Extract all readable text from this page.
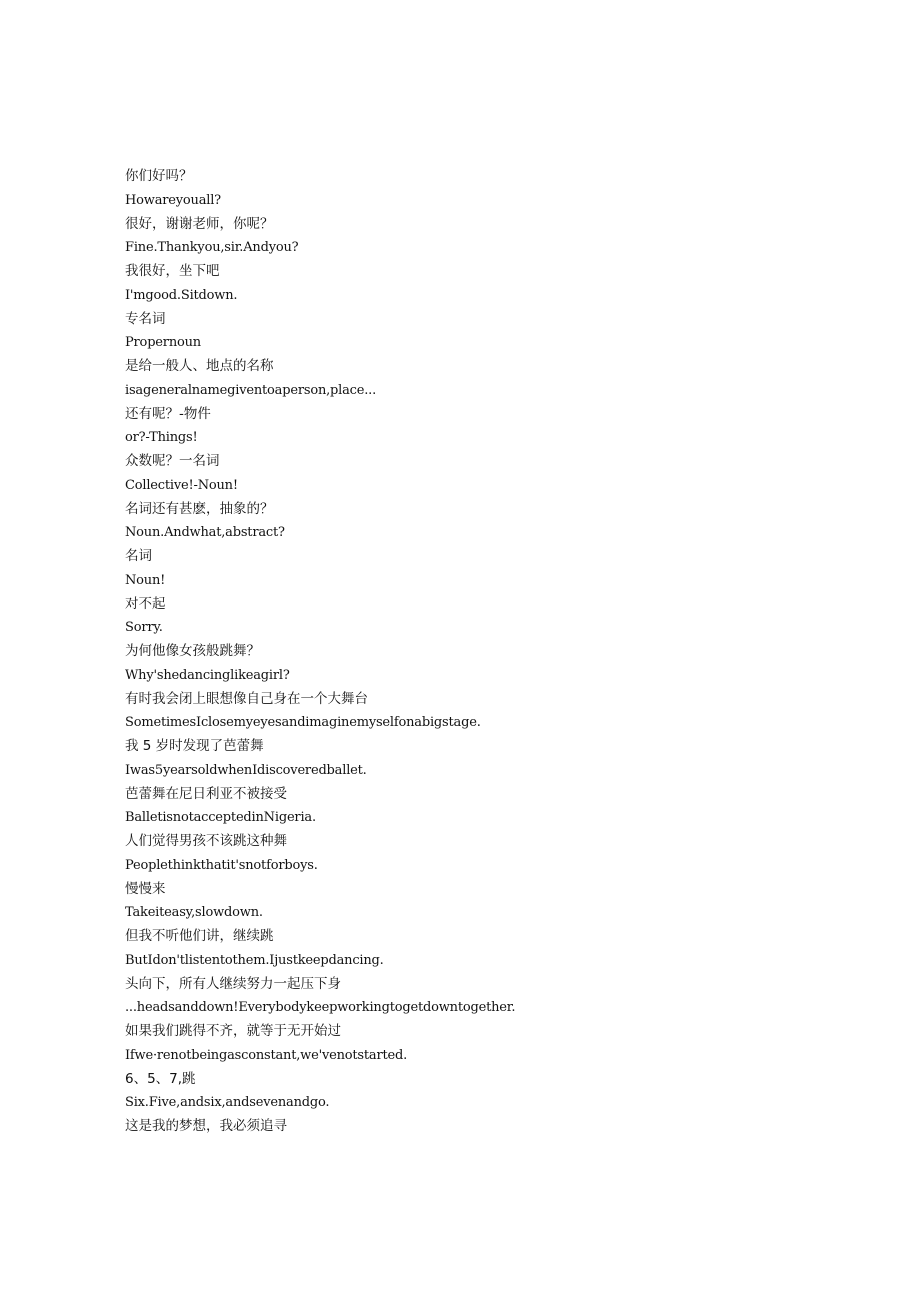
你们好吗？
Howareyouall?
很好，谢谢老师，你呢？
Fine.Thankyou,sir.Andyou?
我很好，坐下吧
I'mgood.Sitdown.
专名词
Propernoun
是给一般人、地点的名称
isageneralnamegiventoaperson,place...
还有呢？-物件
or?-Things!
众数呢？一名词
Collective!-Noun!
名词还有甚麽，抽象的？
Noun.Andwhat,abstract?
名词
Noun!
对不起
Sorry.
为何他像女孩般跳舞？
Why'shedancinglikeagirl?
有时我会闭上眼想像自己身在一个大舞台
SometimesIclosemyeyesandimaginemyselfonabigstage.
我 5 岁时发现了芭蕾舞
Iwas5yearsoldwhenIdiscoveredballet.
芭蕾舞在尼日利亚不被接受
BalletisnotacceptedinNigeria.
人们觉得男孩不该跳这种舞
Peoplethinkthatit'snotforboys.
慢慢来
Takeiteasy,slowdown.
但我不听他们讲，继续跳
ButIdon'tlistentothem.Ijustkeepdancing.
头向下，所有人继续努力一起压下身
...headsanddown!Everybodykeepworkingtogetdowntogether.
如果我们跳得不齐，就等于无开始过
Ifwe·renotbeingasconstant,we'venotstarted.
6、5、7,跳
Six.Five,andsix,andsevenandgo.
这是我的梦想，我必须追寻
